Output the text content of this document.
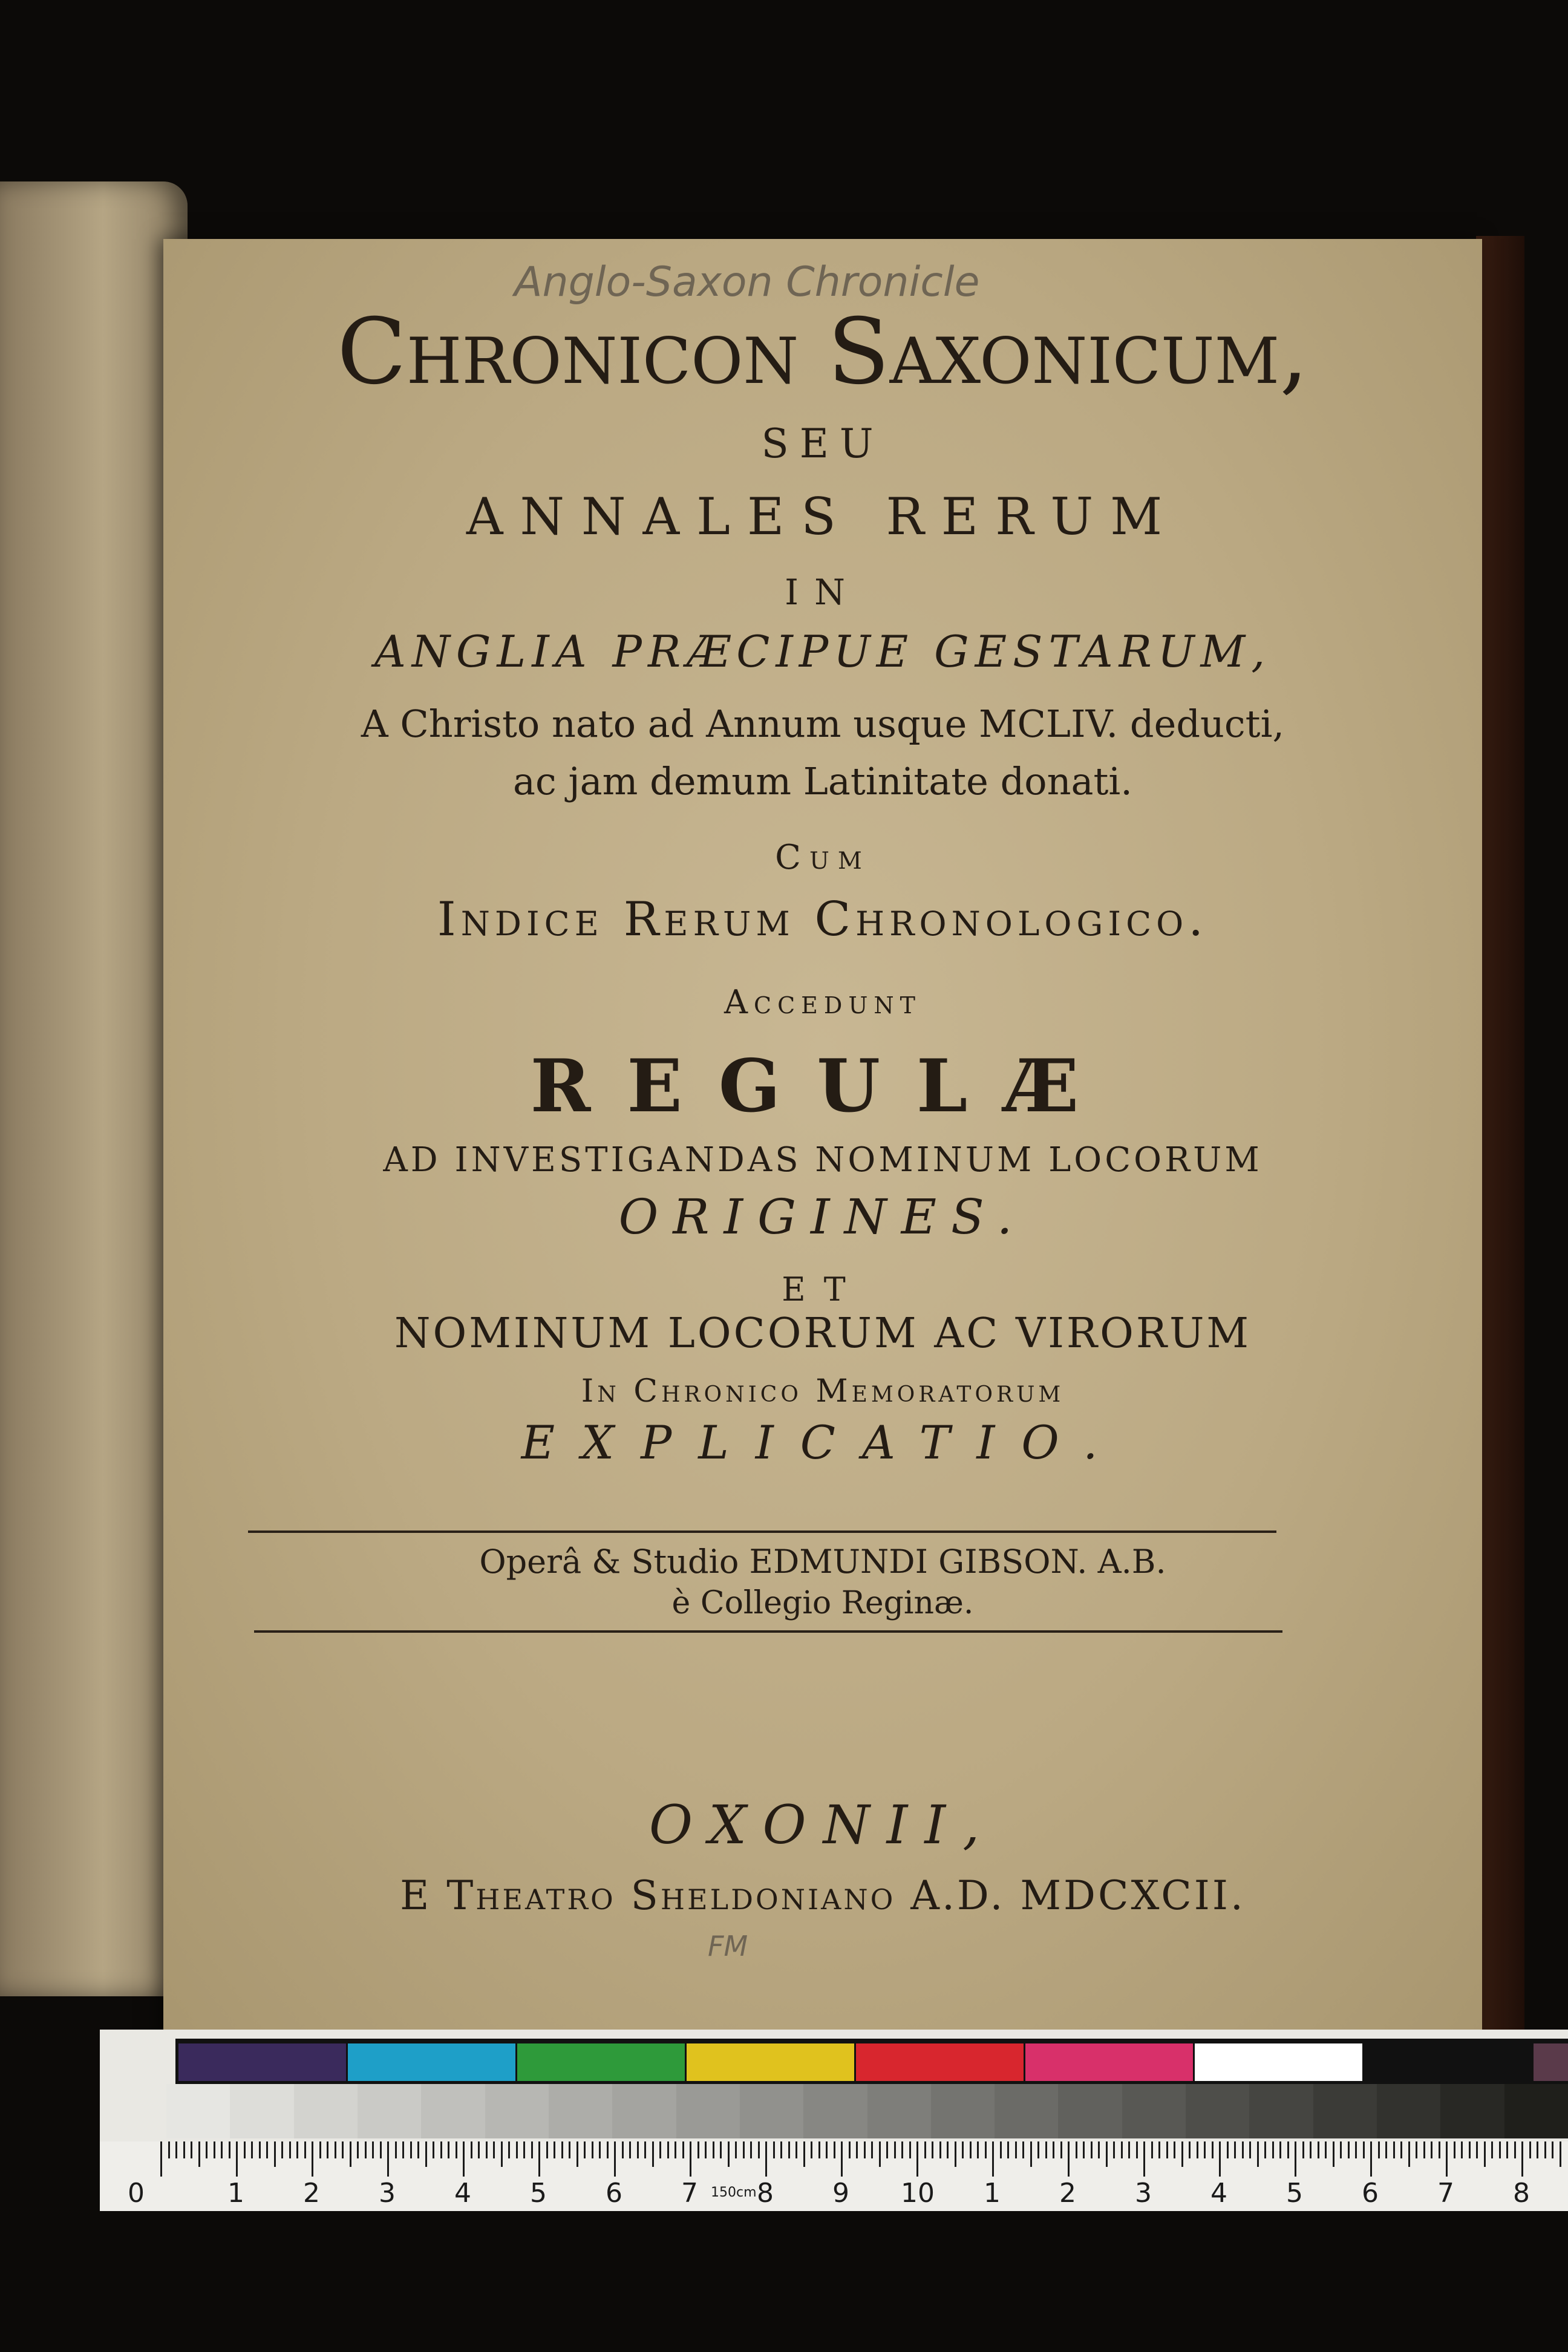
Anglo-Saxon Chronicle
Chronicon Saxonicum,
SEU
ANNALES RERUM
IN
ANGLIA PRÆCIPUE GESTARUM,
A Christo nato ad Annum usque MCLIV. deducti,
ac jam demum Latinitate donati.
Cum
Indice Rerum Chronologico.
Accedunt
REGULÆ
AD INVESTIGANDAS NOMINUM LOCORUM
ORIGINES.
ET
NOMINUM LOCORUM AC VIRORUM
In Chronico Memoratorum
EXPLICATIO.
Operâ & Studio EDMUNDI GIBSON. A.B.
è Collegio Reginæ.
OXONII,
E Theatro Sheldoniano A.D. MDCXCII.
FM
150cm
0	1 2 3 4 5 6 7 8 9 10 1 2 3 4 5 6 7 8
